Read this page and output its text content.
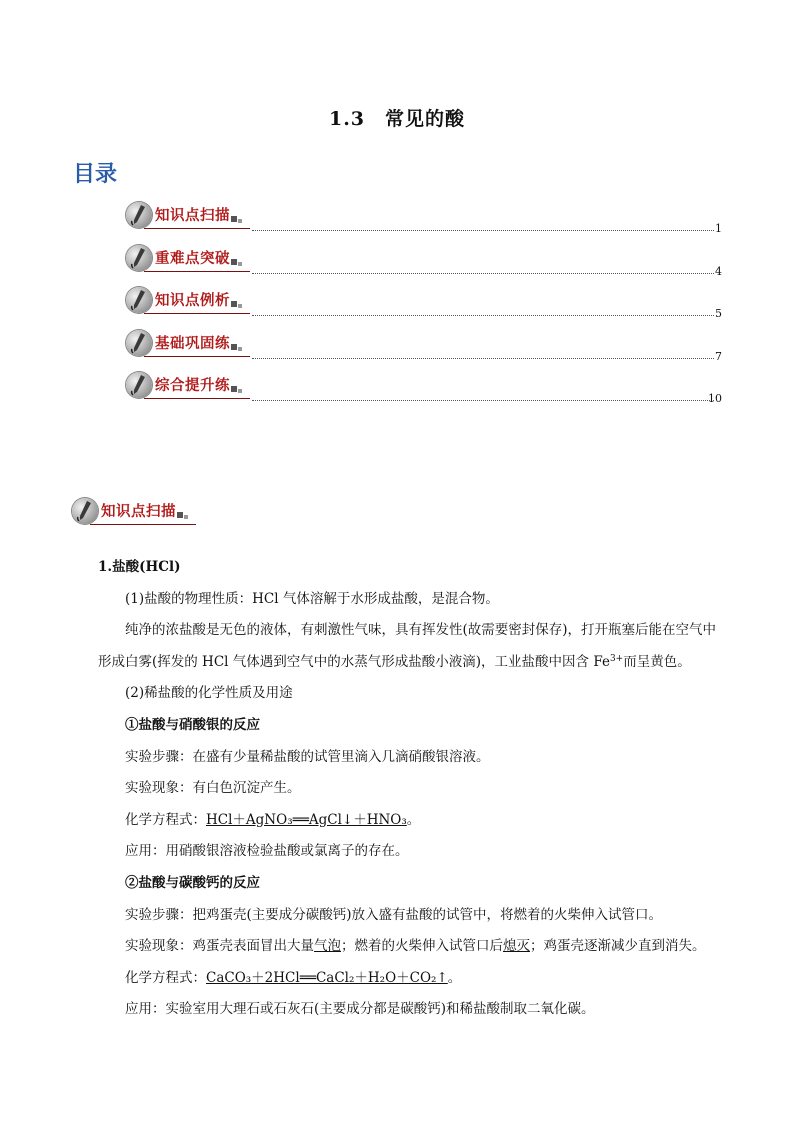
1.3　常见的酸
目录
知识点扫描
1
重难点突破
4
知识点例析
5
基础巩固练
7
综合提升练
10
知识点扫描

1.盐酸(HCl)

(1)盐酸的物理性质：HCl 气体溶解于水形成盐酸，是混合物。

纯净的浓盐酸是无色的液体，有刺激性气味，具有挥发性(故需要密封保存)，打开瓶塞后能在空气中形成白雾(挥发的 HCl 气体遇到空气中的水蒸气形成盐酸小液滴)，工业盐酸中因含 $Fe^{3+}$而呈黄色。

(2)稀盐酸的化学性质及用途

①盐酸与硝酸银的反应

实验步骤：在盛有少量稀盐酸的试管里滴入几滴硝酸银溶液。

实验现象：有白色沉淀产生。

化学方程式：HCl＋AgNO₃══AgCl↓＋HNO₃。

应用：用硝酸银溶液检验盐酸或氯离子的存在。

②盐酸与碳酸钙的反应

实验步骤：把鸡蛋壳(主要成分碳酸钙)放入盛有盐酸的试管中，将燃着的火柴伸入试管口。

实验现象：鸡蛋壳表面冒出大量气泡；燃着的火柴伸入试管口后熄灭；鸡蛋壳逐渐减少直到消失。

化学方程式：CaCO₃＋2HCl══CaCl₂＋H₂O＋CO₂↑。

应用：实验室用大理石或石灰石(主要成分都是碳酸钙)和稀盐酸制取二氧化碳。
